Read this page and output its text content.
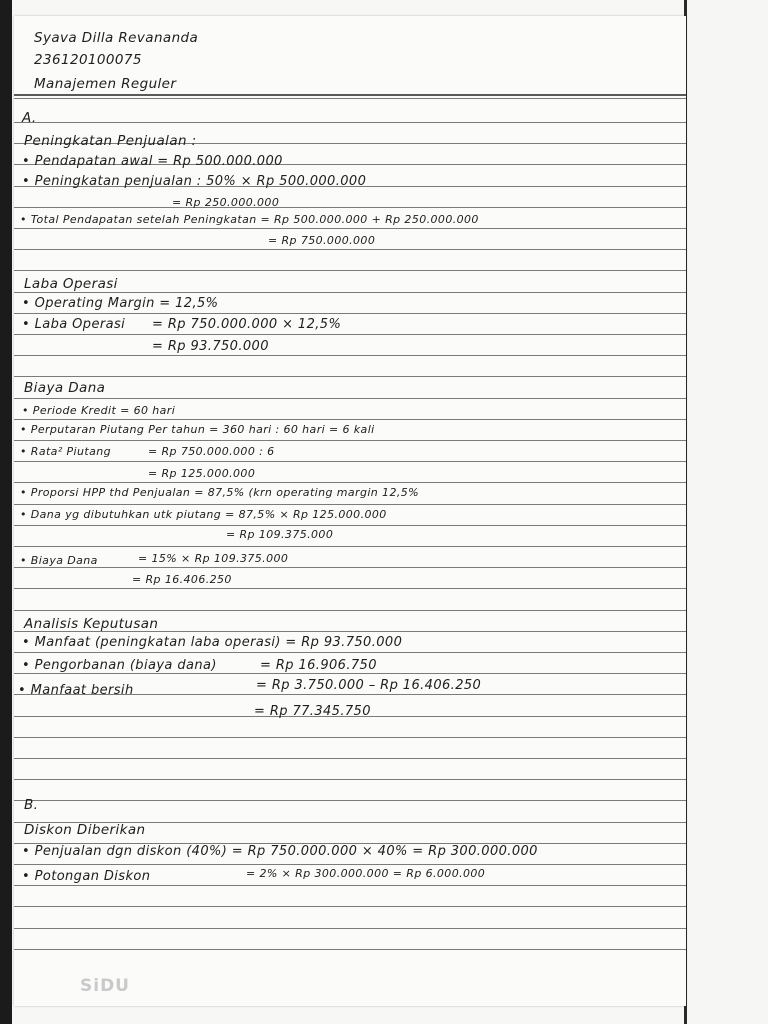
Syava Dilla Revananda
236120100075
Manajemen Reguler
A.
Peningkatan Penjualan :
• Pendapatan awal = Rp 500.000.000
• Peningkatan penjualan : 50% × Rp 500.000.000
= Rp 250.000.000
• Total Pendapatan setelah Peningkatan = Rp 500.000.000 + Rp 250.000.000
= Rp 750.000.000
Laba Operasi
• Operating Margin = 12,5%
• Laba Operasi = Rp 750.000.000 × 12,5%
= Rp 93.750.000
Biaya Dana
• Periode Kredit = 60 hari
• Perputaran Piutang Per tahun = 360 hari : 60 hari = 6 kali
• Rata² Piutang	= Rp 750.000.000 : 6
= Rp 125.000.000
• Proporsi HPP thd Penjualan = 87,5% (krn operating margin 12,5%
• Dana yg dibutuhkan utk piutang = 87,5% × Rp 125.000.000
= Rp 109.375.000
• Biaya Dana	= 15% × Rp 109.375.000
= Rp 16.406.250
Analisis Keputusan
• Manfaat (peningkatan laba operasi) = Rp 93.750.000
• Pengorbanan (biaya dana)	= Rp 16.906.750
• Manfaat bersih	= Rp 3.750.000 – Rp 16.406.250
= Rp 77.345.750
B.
Diskon Diberikan
• Penjualan dgn diskon (40%) = Rp 750.000.000 × 40% = Rp 300.000.000
• Potongan Diskon	= 2% × Rp 300.000.000 = Rp 6.000.000
SiDU
